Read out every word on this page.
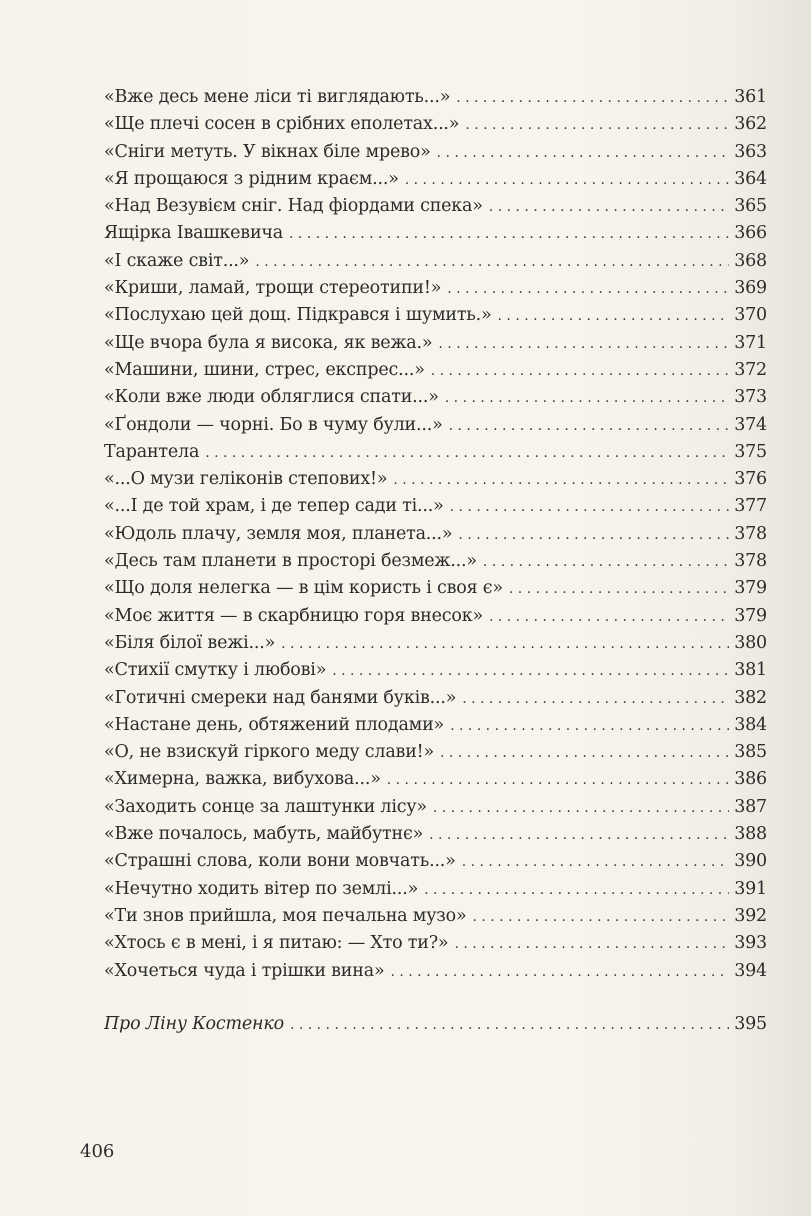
«Вже десь мене ліси ті виглядають...» . . .	361
«Ще плечі сосен в срібних еполетах...» . . .	362
«Сніги метуть. У вікнах біле мрево» . . .	363
«Я прощаюся з рідним краєм...» . . .	364
«Над Везувієм сніг. Над фіордами спека» . . .	365
Ящірка Івашкевича . . .	366
«І скаже світ...» . . .	368
«Криши, ламай, трощи стереотипи!» . . .	369
«Послухаю цей дощ. Підкрався і шумить.» . . .	370
«Ще вчора була я висока, як вежа.» . . .	371
«Машини, шини, стрес, експрес...» . . .	372
«Коли вже люди обляглися спати...» . . .	373
«Ґондоли — чорні. Бо в чуму були...» . . .	374
Тарантела . . .	375
«...О музи геліконів степових!» . . .	376
«...І де той храм, і де тепер сади ті...» . . .	377
«Юдоль плачу, земля моя, планета...» . . .	378
«Десь там планети в просторі безмеж...» . . .	378
«Що доля нелегка — в цім користь і своя є» . . .	379
«Моє життя — в скарбницю горя внесок» . . .	379
«Біля білої вежі...» . . .	380
«Стихії смутку і любові» . . .	381
«Готичні смереки над банями буків...» . . .	382
«Настане день, обтяжений плодами» . . .	384
«О, не взискуй гіркого меду слави!» . . .	385
«Химерна, важка, вибухова...» . . .	386
«Заходить сонце за лаштунки лісу» . . .	387
«Вже почалось, мабуть, майбутнє» . . .	388
«Страшні слова, коли вони мовчать...» . . .	390
«Нечутно ходить вітер по землі...» . . .	391
«Ти знов прийшла, моя печальна музо» . . .	392
«Хтось є в мені, і я питаю: — Хто ти?» . . .	393
«Хочеться чуда і трішки вина» . . .	394
Про Ліну Костенко . . .	395
406
